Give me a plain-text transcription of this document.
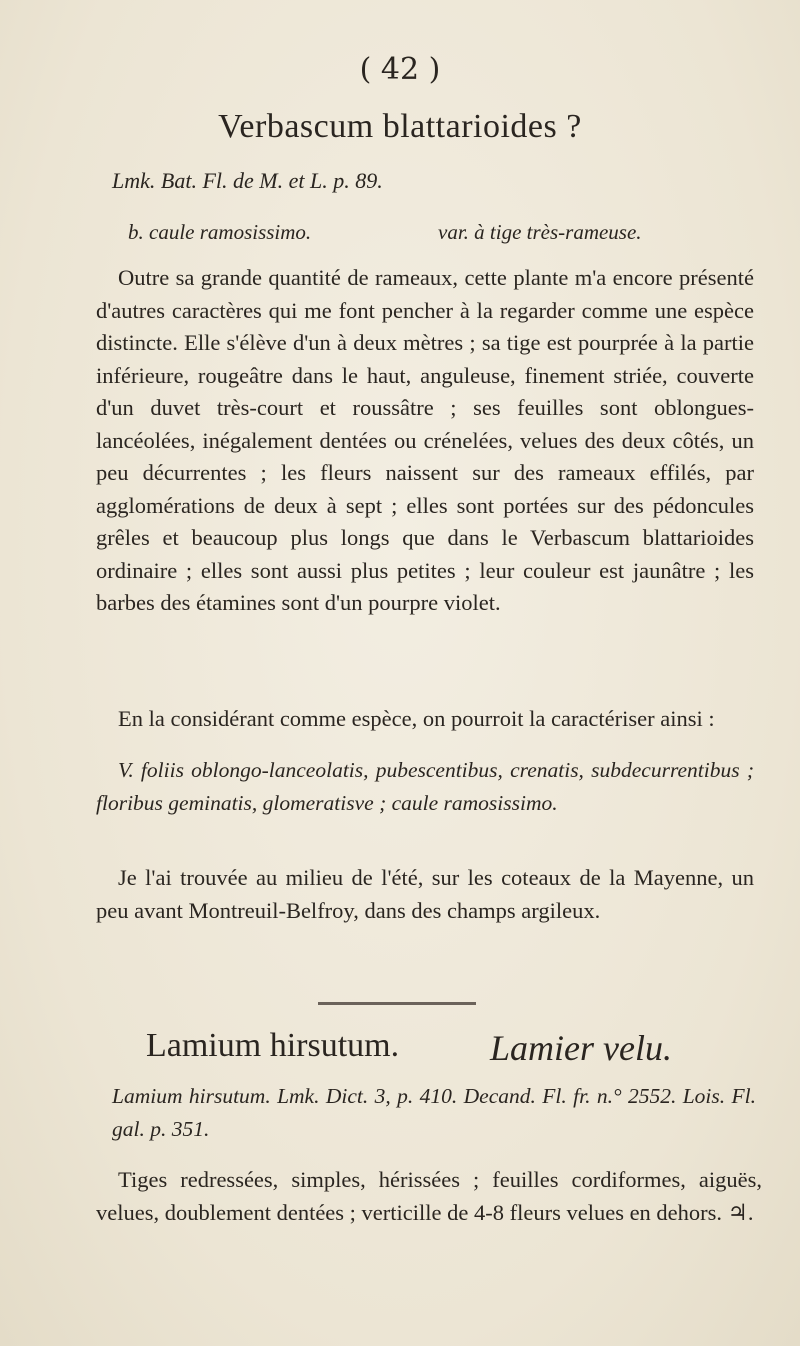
( 42 )
Verbascum blattarioides ?
Lmk. Bat. Fl. de M. et L. p. 89.
b. caule ramosissimo.	var. à tige très-rameuse.

Outre sa grande quantité de rameaux, cette plante m'a encore présenté d'autres caractères qui me font pencher à la regarder comme une espèce distincte. Elle s'élève d'un à deux mètres ; sa tige est pourprée à la partie inférieure, rougeâtre dans le haut, anguleuse, finement striée, couverte d'un duvet très-court et roussâtre ; ses feuilles sont oblongues-lancéolées, inégalement dentées ou crénelées, velues des deux côtés, un peu décurrentes ; les fleurs naissent sur des rameaux effilés, par agglomérations de deux à sept ; elles sont portées sur des pédoncules grêles et beaucoup plus longs que dans le Verbascum blattarioides ordinaire ; elles sont aussi plus petites ; leur couleur est jaunâtre ; les barbes des étamines sont d'un pourpre violet.

En la considérant comme espèce, on pourroit la caractériser ainsi :

V. foliis oblongo-lanceolatis, pubescentibus, crenatis, subdecurrentibus ; floribus geminatis, glomeratisve ; caule ramosissimo.

Je l'ai trouvée au milieu de l'été, sur les coteaux de la Mayenne, un peu avant Montreuil-Belfroy, dans des champs argileux.

Lamium hirsutum.	Lamier velu.

Lamium hirsutum. Lmk. Dict. 3, p. 410. Decand. Fl. fr. n.° 2552. Lois. Fl. gal. p. 351.

Tiges redressées, simples, hérissées ; feuilles cordiformes, aiguës, velues, doublement dentées ; verticille de 4-8 fleurs velues en dehors. ♃.
